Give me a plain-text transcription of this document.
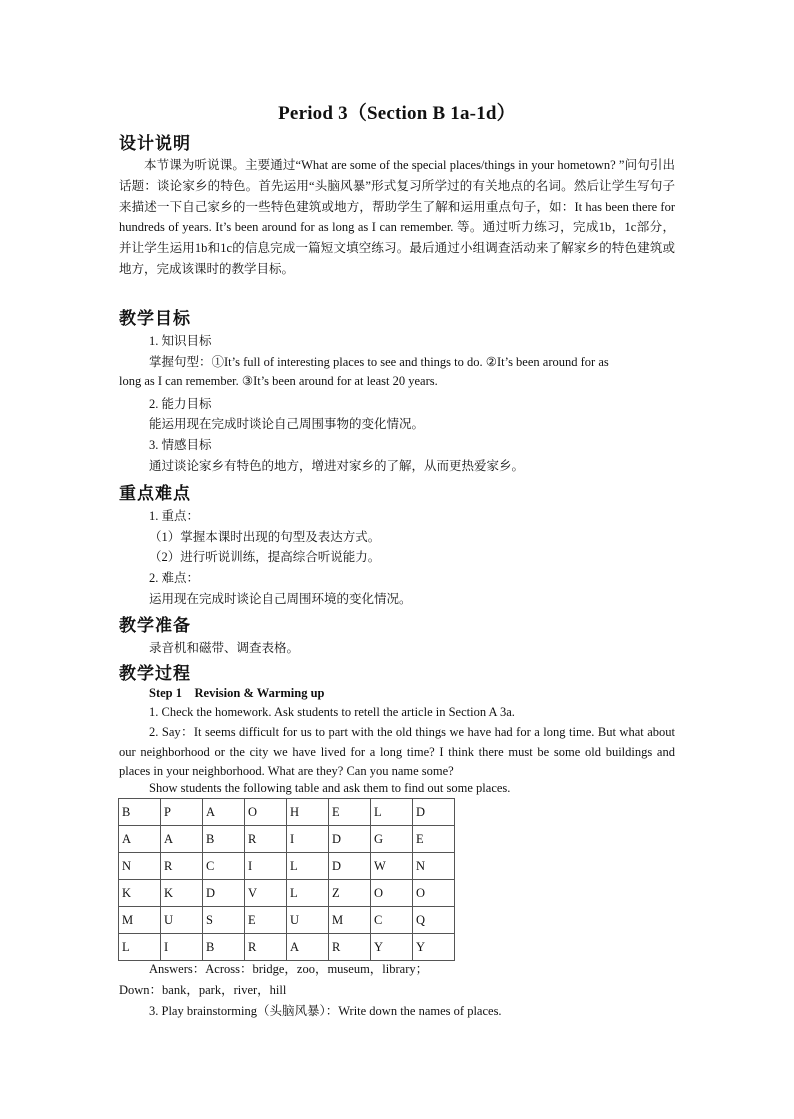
Period 3（Section B 1a-1d）
设计说明
本节课为听说课。主要通过“What are some of the special places/things in your hometown? ”问句引出话题：谈论家乡的特色。首先运用“头脑风暴”形式复习所学过的有关地点的名词。然后让学生写句子来描述一下自己家乡的一些特色建筑或地方，帮助学生了解和运用重点句子，如：It has been there for hundreds of years. It’s been around for as long as I can remember. 等。通过听力练习，完成1b，1c部分，并让学生运用1b和1c的信息完成一篇短文填空练习。最后通过小组调查活动来了解家乡的特色建筑或地方，完成该课时的教学目标。
教学目标
1. 知识目标
掌握句型：①It’s full of interesting places to see and things to do. ②It’s been around for as
long as I can remember. ③It’s been around for at least 20 years.
2. 能力目标
能运用现在完成时谈论自己周围事物的变化情况。
3. 情感目标
通过谈论家乡有特色的地方，增进对家乡的了解，从而更热爱家乡。
重点难点
1. 重点：
（1）掌握本课时出现的句型及表达方式。
（2）进行听说训练，提高综合听说能力。
2. 难点：
运用现在完成时谈论自己周围环境的变化情况。
教学准备
录音机和磁带、调查表格。
教学过程
Step 1    Revision & Warming up
1. Check the homework. Ask students to retell the article in Section A 3a.
2. Say：It seems difficult for us to part with the old things we have had for a long time. But what about our neighborhood or the city we have lived for a long time? I think there must be some old buildings and places in your neighborhood. What are they? Can you name some?
Show students the following table and ask them to find out some places.
B	P	A	O	H	E	L	D
A	A	B	R	I	D	G	E
N	R	C	I	L	D	W	N
K	K	D	V	L	Z	O	O
M	U	S	E	U	M	C	Q
L	I	B	R	A	R	Y	Y
Answers：Across：bridge，zoo，museum，library；
Down：bank，park，river，hill
3. Play brainstorming（头脑风暴）：Write down the names of places.
